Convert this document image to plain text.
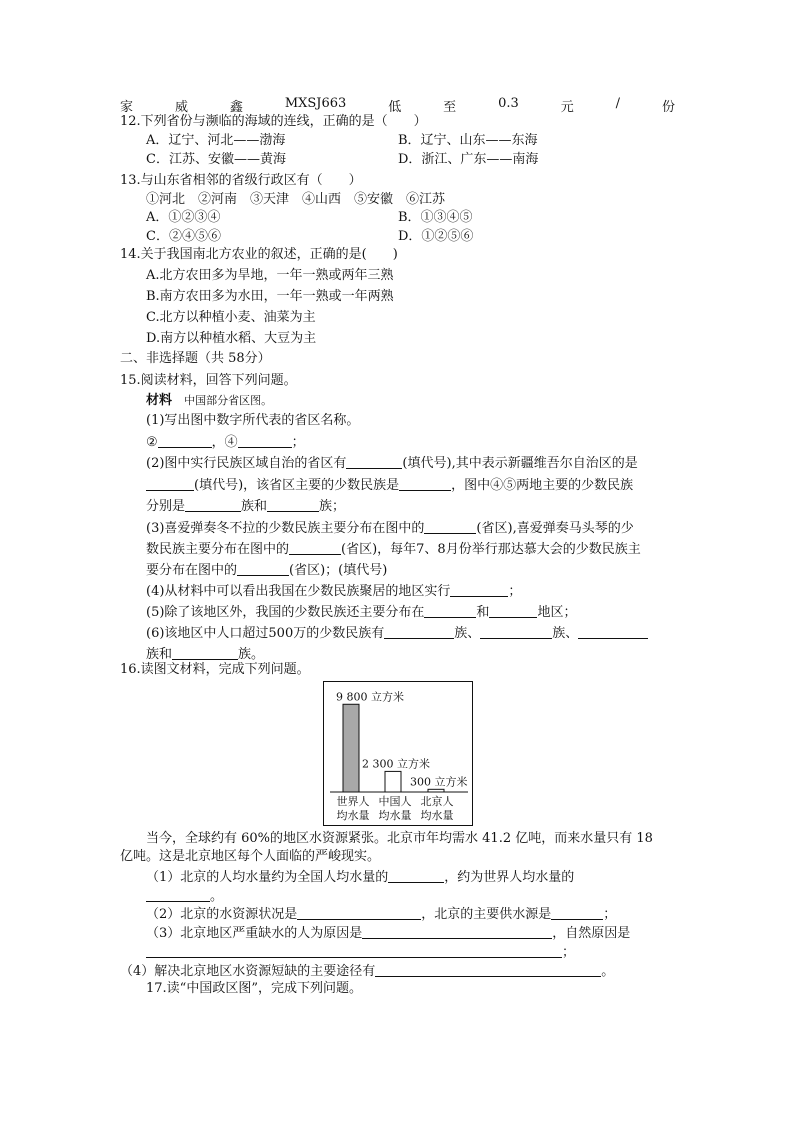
家	威	鑫	MXSJ663	低	至	0.3	元	/	份
12.下列省份与濒临的海域的连线，正确的是（　　）
A．辽宁、河北——渤海	B．辽宁、山东——东海
C．江苏、安徽——黄海	D．浙江、广东——南海
13.与山东省相邻的省级行政区有（　　）
①河北　②河南　③天津　④山西　⑤安徽　⑥江苏
A．①②③④	B．①③④⑤
C．②④⑤⑥	D．①②⑤⑥
14.关于我国南北方农业的叙述，正确的是(　　)
A.北方农田多为旱地，一年一熟或两年三熟
B.南方农田多为水田，一年一熟或一年两熟
C.北方以种植小麦、油菜为主
D.南方以种植水稻、大豆为主
二、非选择题（共 58分）
15.阅读材料，回答下列问题。
材料 中国部分省区图。
(1)写出图中数字所代表的省区名称。
②	，④	；
(2)图中实行民族区域自治的省区有	(填代号),其中表示新疆维吾尔自治区的是
(填代号)，该省区主要的少数民族是	，图中④⑤两地主要的少数民族
分别是	族和	族；
(3)喜爱弹奏冬不拉的少数民族主要分布在图中的	(省区),喜爱弹奏马头琴的少
数民族主要分布在图中的	(省区)，每年7、8月份举行那达慕大会的少数民族主
要分布在图中的	(省区)；(填代号)
(4)从材料中可以看出我国在少数民族聚居的地区实行	；
(5)除了该地区外，我国的少数民族还主要分布在	和	地区；
(6)该地区中人口超过500万的少数民族有	族、	族、
族和	族。
16.读图文材料，完成下列问题。
9 800 立方米
世界人
均水量
2 300 立方米
中国人
均水量
300 立方米
北京人
均水量
当今，全球约有 60%的地区水资源紧张。北京市年均需水 41.2 亿吨，而来水量只有 18
亿吨。这是北京地区每个人面临的严峻现实。
（1）北京的人均水量约为全国人均水量的	，约为世界人均水量的
。
（2）北京的水资源状况是	，北京的主要供水源是	；
（3）北京地区严重缺水的人为原因是	，自然原因是
；
（4）解决北京地区水资源短缺的主要途径有	。
17.读“中国政区图”，完成下列问题。
